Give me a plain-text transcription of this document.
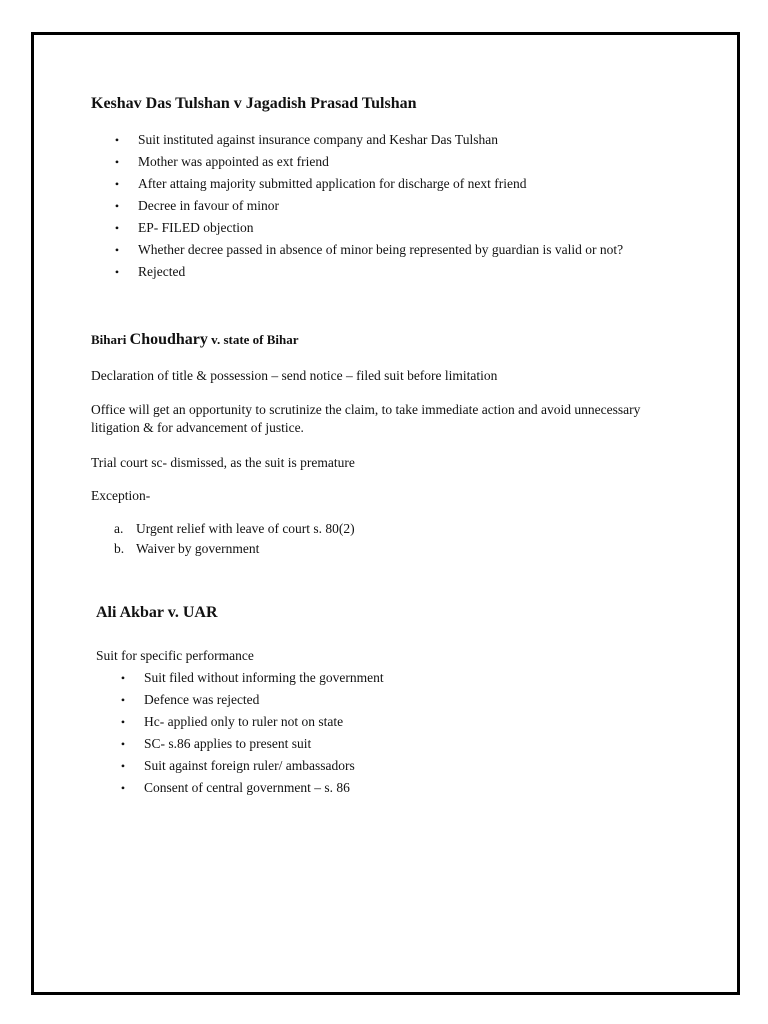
Keshav Das Tulshan v Jagadish Prasad Tulshan
• Suit instituted against insurance company and Keshar Das Tulshan
• Mother was appointed as ext friend
• After attaing majority submitted application for discharge of next friend
• Decree in favour of minor
• EP- FILED objection
• Whether decree passed in absence of minor being represented by guardian is valid or not?
• Rejected
Bihari Choudhary v. state of Bihar

Declaration of title & possession – send notice – filed suit before limitation

Office will get an opportunity to scrutinize the claim, to take immediate action and avoid unnecessary litigation & for advancement of justice.

Trial court sc- dismissed, as the suit is premature

Exception-

a. Urgent relief with leave of court s. 80(2)
b. Waiver by government
Ali Akbar v. UAR

Suit for specific performance

• Suit filed without informing the government
• Defence was rejected
• Hc- applied only to ruler not on state
• SC- s.86 applies to present suit
• Suit against foreign ruler/ ambassadors
• Consent of central government – s. 86
